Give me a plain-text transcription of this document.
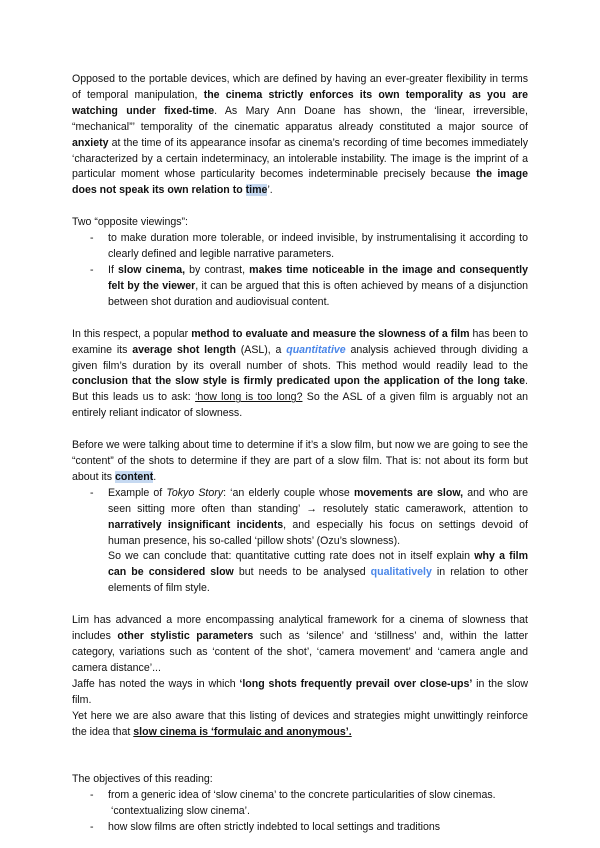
Opposed to the portable devices, which are defined by having an ever-greater flexibility in terms of temporal manipulation, the cinema strictly enforces its own temporality as you are watching under fixed-time. As Mary Ann Doane has shown, the ‘linear, irreversible, “mechanical”’ temporality of the cinematic apparatus already constituted a major source of anxiety at the time of its appearance insofar as cinema’s recording of time becomes immediately ‘characterized by a certain indeterminacy, an intolerable instability. The image is the imprint of a particular moment whose particularity becomes indeterminable precisely because the image does not speak its own relation to time’.

Two “opposite viewings”:

- to make duration more tolerable, or indeed invisible, by instrumentalising it according to clearly defined and legible narrative parameters.
- If slow cinema, by contrast, makes time noticeable in the image and consequently felt by the viewer, it can be argued that this is often achieved by means of a disjunction between shot duration and audiovisual content.

In this respect, a popular method to evaluate and measure the slowness of a film has been to examine its average shot length (ASL), a quantitative analysis achieved through dividing a given film’s duration by its overall number of shots. This method would readily lead to the conclusion that the slow style is firmly predicated upon the application of the long take. But this leads us to ask: ‘how long is too long? So the ASL of a given film is arguably not an entirely reliant indicator of slowness.

Before we were talking about time to determine if it’s a slow film, but now we are going to see the “content” of the shots to determine if they are part of a slow film. That is: not about its form but about its content.

- Example of Tokyo Story: ‘an elderly couple whose movements are slow, and who are seen sitting more often than standing’ → resolutely static camerawork, attention to narratively insignificant incidents, and especially his focus on settings devoid of human presence, his so-called ‘pillow shots’ (Ozu’s slowness).

So we can conclude that: quantitative cutting rate does not in itself explain why a film can be considered slow but needs to be analysed qualitatively in relation to other elements of film style.

Lim has advanced a more encompassing analytical framework for a cinema of slowness that includes other stylistic parameters such as ‘silence’ and ‘stillness’ and, within the latter category, variations such as ‘content of the shot’, ‘camera movement’ and ‘camera angle and camera distance’...

Jaffe has noted the ways in which ‘long shots frequently prevail over close-ups’ in the slow film.

Yet here we are also aware that this listing of devices and strategies might unwittingly reinforce the idea that slow cinema is ‘formulaic and anonymous’.

The objectives of this reading:

- from a generic idea of ‘slow cinema’ to the concrete particularities of slow cinemas.
‘contextualizing slow cinema’.
- how slow films are often strictly indebted to local settings and traditions
